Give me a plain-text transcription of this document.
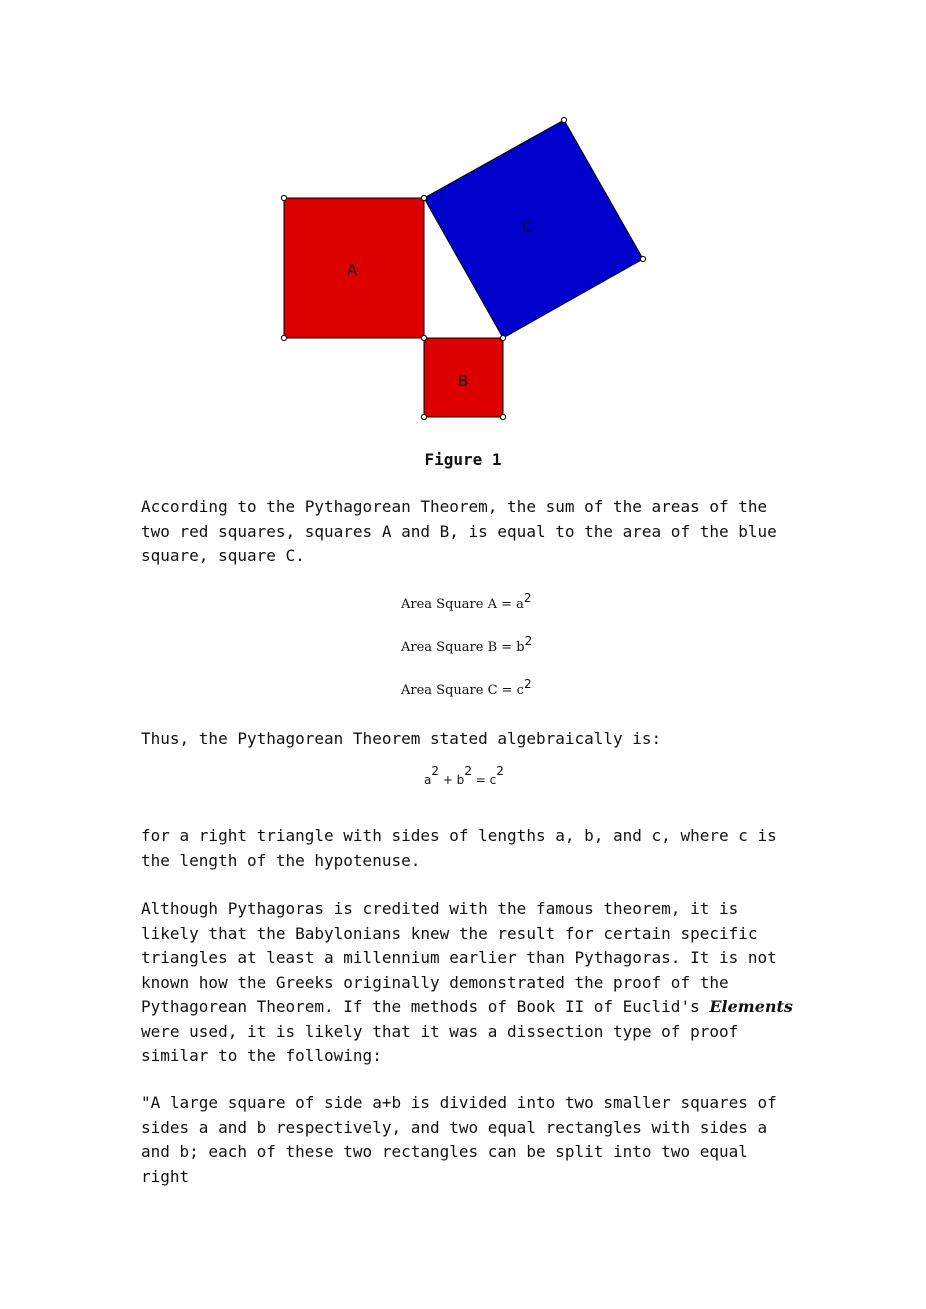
A
B
C
Figure 1

According to the Pythagorean Theorem, the sum of the areas of the two red squares, squares A and B, is equal to the area of the blue square, square C.

Area Square $A = a^2$
Area Square $B = b^2$
Area Square $C = c^2$

Thus, the Pythagorean Theorem stated algebraically is:

$a^2 + b^2 = c^2$

for a right triangle with sides of lengths a, b, and c, where c is the length of the hypotenuse.

Although Pythagoras is credited with the famous theorem, it is likely that the Babylonians knew the result for certain specific triangles at least a millennium earlier than Pythagoras. It is not known how the Greeks originally demonstrated the proof of the Pythagorean Theorem. If the methods of Book II of Euclid's Elements were used, it is likely that it was a dissection type of proof similar to the following:

"A large square of side a+b is divided into two smaller squares of sides a and b respectively, and two equal rectangles with sides a and b; each of these two rectangles can be split into two equal right
